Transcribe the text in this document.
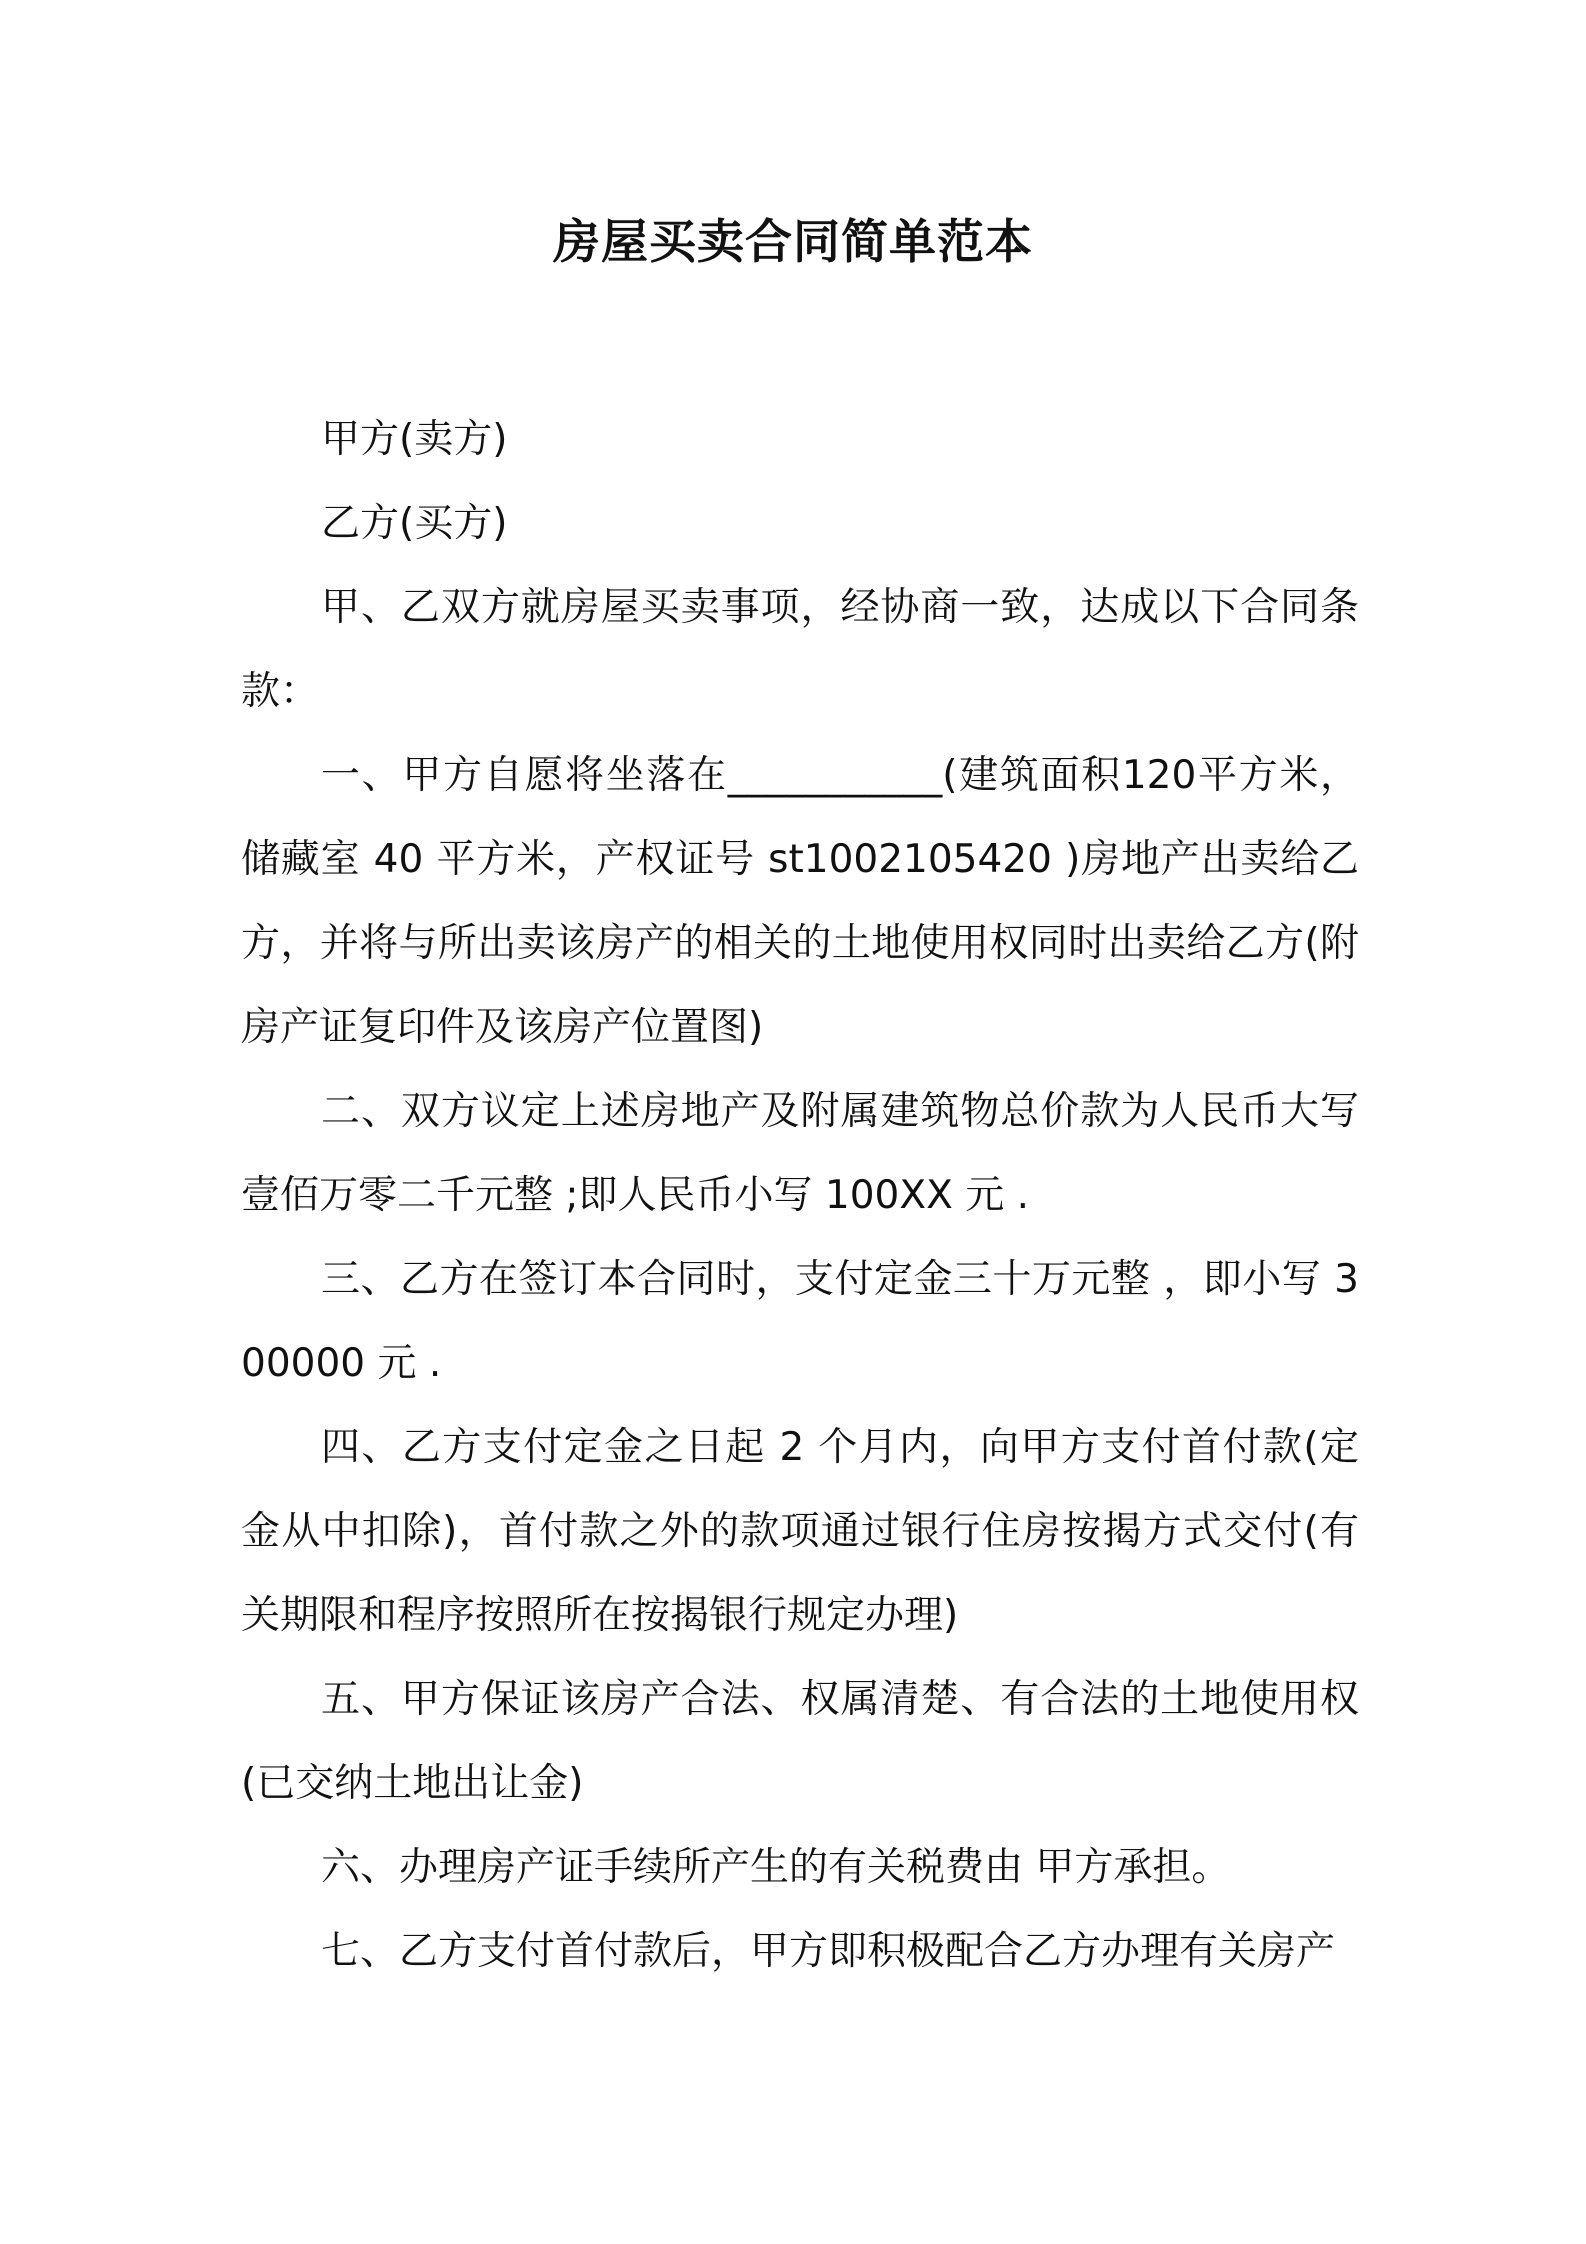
房屋买卖合同简单范本

甲方(卖方)

乙方(买方)

甲、乙双方就房屋买卖事项，经协商一致，达成以下合同条款：

一、甲方自愿将坐落在___________(建筑面积120平方米，储藏室 40 平方米，产权证号 st1002105420 )房地产出卖给乙方，并将与所出卖该房产的相关的土地使用权同时出卖给乙方(附房产证复印件及该房产位置图)

二、双方议定上述房地产及附属建筑物总价款为人民币大写壹佰万零二千元整 ;即人民币小写 100XX 元 .

三、乙方在签订本合同时，支付定金三十万元整 ，即小写 300000 元 .

四、乙方支付定金之日起 2 个月内，向甲方支付首付款(定金从中扣除)，首付款之外的款项通过银行住房按揭方式交付(有关期限和程序按照所在按揭银行规定办理)

五、甲方保证该房产合法、权属清楚、有合法的土地使用权(已交纳土地出让金)

六、办理房产证手续所产生的有关税费由 甲方承担。

七、乙方支付首付款后，甲方即积极配合乙方办理有关房产
